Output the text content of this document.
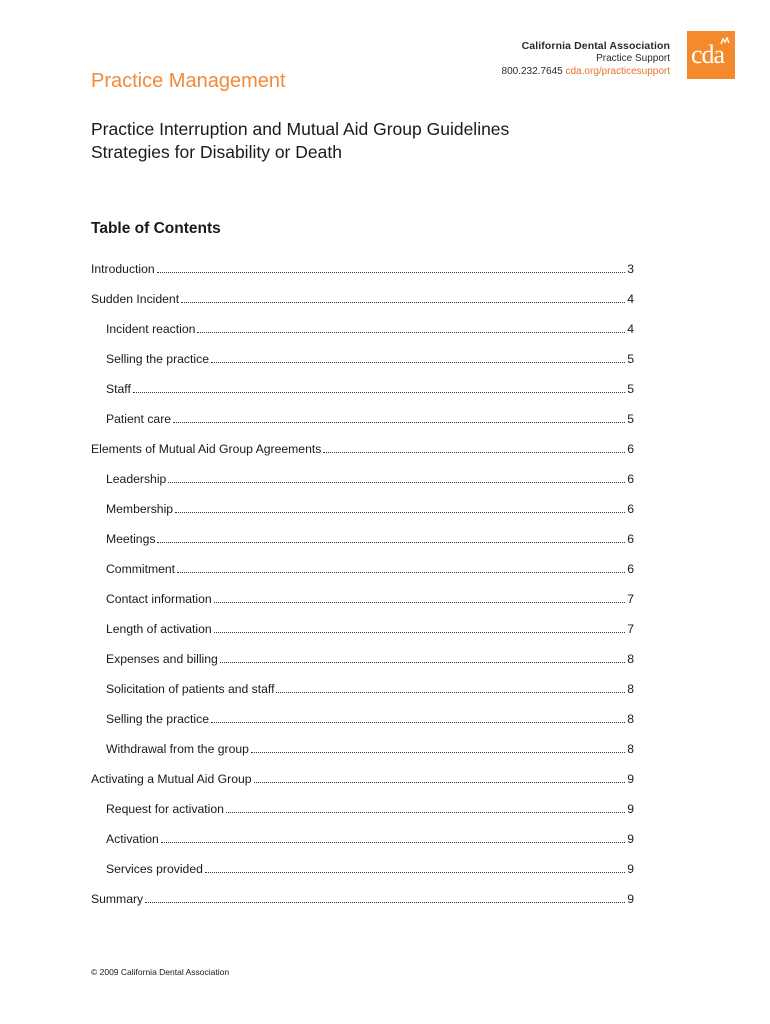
California Dental Association
Practice Support
800.232.7645 cda.org/practicesupport
cda
Practice Management
Practice Interruption and Mutual Aid Group Guidelines
Strategies for Disability or Death
Table of Contents
Introduction	3
Sudden Incident	4
Incident reaction	4
Selling the practice	5
Staff	5
Patient care	5
Elements of Mutual Aid Group Agreements	6
Leadership	6
Membership	6
Meetings	6
Commitment	6
Contact information	7
Length of activation	7
Expenses and billing	8
Solicitation of patients and staff	8
Selling the practice	8
Withdrawal from the group	8
Activating a Mutual Aid Group	9
Request for activation	9
Activation	9
Services provided	9
Summary	9
© 2009 California Dental Association
